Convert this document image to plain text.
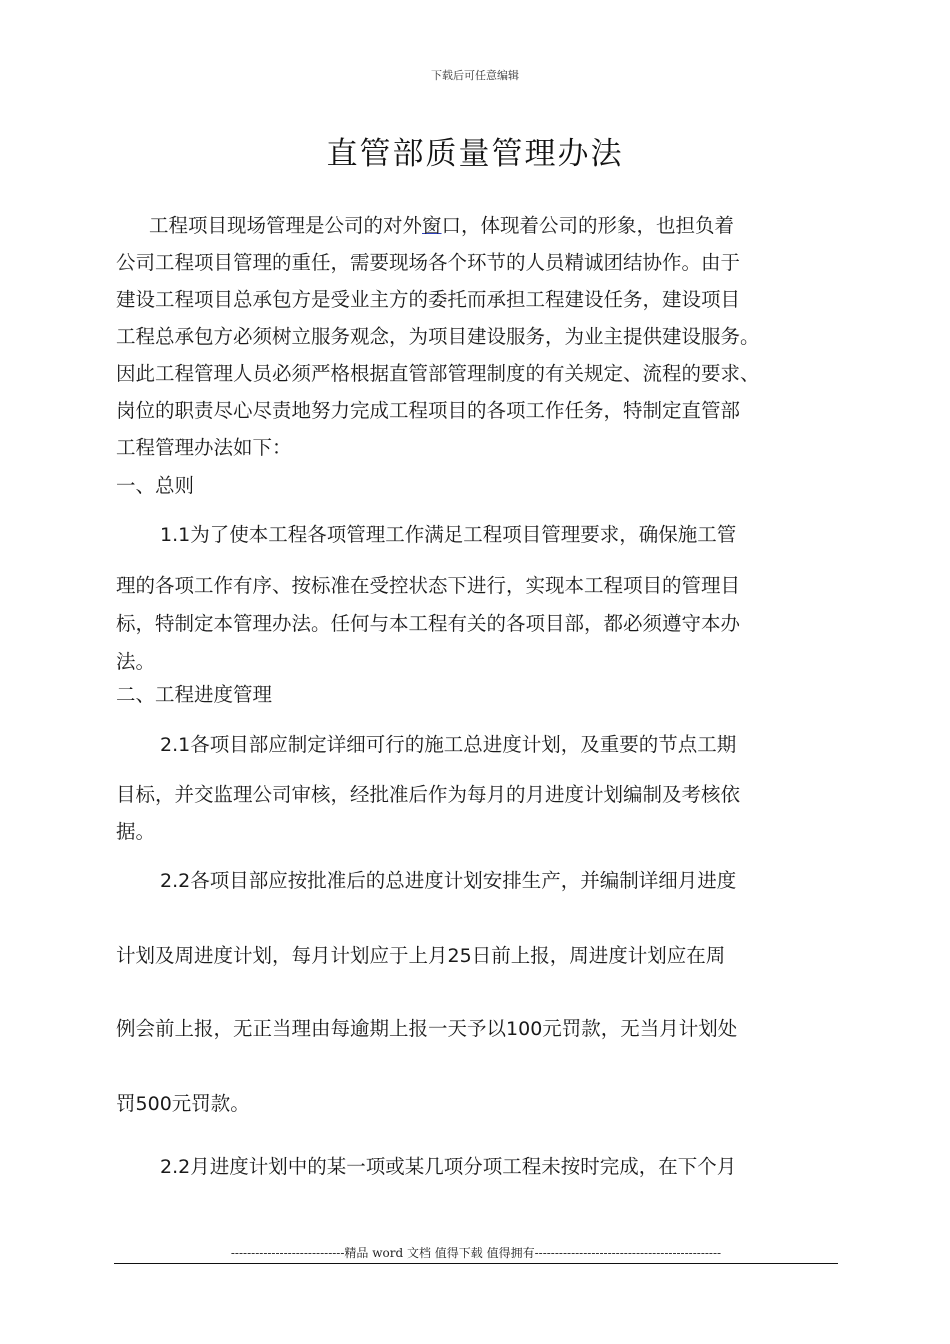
下载后可任意编辑
直管部质量管理办法
工程项目现场管理是公司的对外窗口，体现着公司的形象，也担负着
公司工程项目管理的重任，需要现场各个环节的人员精诚团结协作。由于
建设工程项目总承包方是受业主方的委托而承担工程建设任务，建设项目
工程总承包方必须树立服务观念，为项目建设服务，为业主提供建设服务。
因此工程管理人员必须严格根据直管部管理制度的有关规定、流程的要求、
岗位的职责尽心尽责地努力完成工程项目的各项工作任务，特制定直管部
工程管理办法如下：
一、总则
1.1为了使本工程各项管理工作满足工程项目管理要求，确保施工管
理的各项工作有序、按标准在受控状态下进行，实现本工程项目的管理目
标，特制定本管理办法。任何与本工程有关的各项目部，都必须遵守本办
法。
二、工程进度管理
2.1各项目部应制定详细可行的施工总进度计划，及重要的节点工期
目标，并交监理公司审核，经批准后作为每月的月进度计划编制及考核依
据。
2.2各项目部应按批准后的总进度计划安排生产，并编制详细月进度
计划及周进度计划，每月计划应于上月25日前上报，周进度计划应在周
例会前上报，无正当理由每逾期上报一天予以100元罚款，无当月计划处
罚500元罚款。
2.2月进度计划中的某一项或某几项分项工程未按时完成，在下个月
----------------------------精品 word 文档 值得下载 值得拥有----------------------------------------------
